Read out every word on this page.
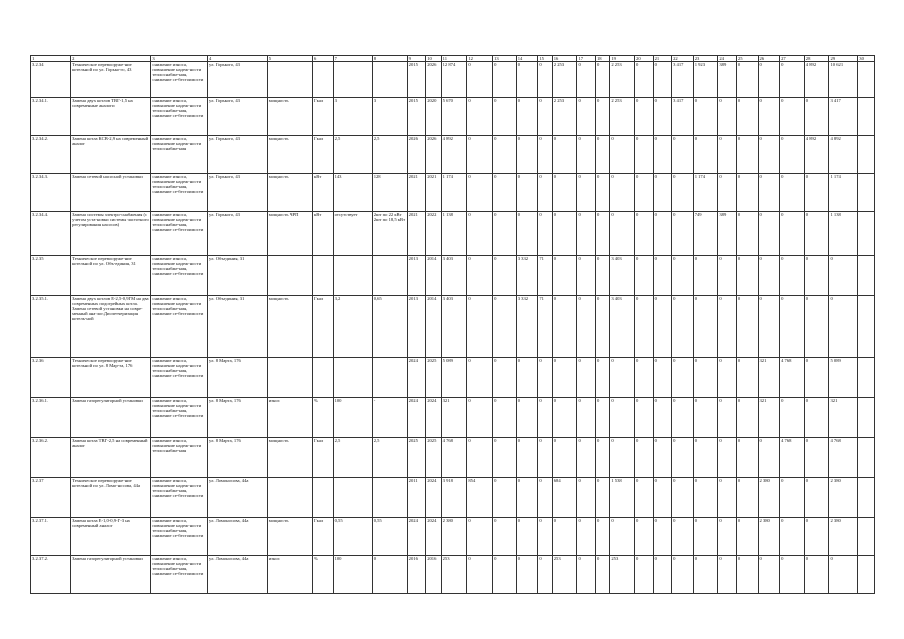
1	2	3	4	5	6	7	8	9	10	11	12	13	14	15	16	17	18	19	20	21	22	23	24	25	26	27	28	29	30
3.2.34	Техническое перевооруже-ние котельной по ул. Горько-го, 43	снижение износа, повышение надеж-ности теплоснабже-ния, снижение се-бестоимости	ул. Горького, 43					2015	2026	12 874	0	0	0	0	2 253	0	0	2 253	0	0	3 417	1 923	389	0	0	0	4 892	10 621	
3.2.34.1.	Замена двух котлов ТВГ-1,5 на современные аналоги	снижение износа, повышение надеж-ности теплоснабже-ния, снижение се-бестоимости	ул. Горького, 43	мощность	Гкал	3	3	2015	2020	5 670	0	0	0	0	2 253	0	0	2 253	0	0	3 417	0	0	0	0	0	0	3 417	
3.2.34.2.	Замена котла КСВ-2,9 на современный аналог	снижение износа, повышение надеж-ности теплоснабже-ния	ул. Горького, 43	мощность	Гкал	2,5	2,5	2026	2026	4 892	0	0	0	0	0	0	0	0	0	0	0	0	0	0	0	0	4 892	4 892	
3.2.34.3.	Замена сетевой насосной установки	снижение износа, повышение надеж-ности теплоснабже-ния, снижение се-бестоимости	ул. Горького, 43	мощность	кВт	143	128	2021	2021	1 174	0	0	0	0	0	0	0	0	0	0	0	1 174	0	0	0	0	0	1 174	
3.2.34.4.	Замена системы электро-снабжения (с учетом уста-новки системы частотного регулирования насосов)	снижение износа, повышение надеж-ности теплоснабже-ния, снижение се-бестоимости	ул. Горького, 43	мощность ЧРП	кВт	отсутствует	2шт по 22 кВт 2шт по 18,5 кВт	2021	2022	1 138	0	0	0	0	0	0	0	0	0	0	0	749	389	0	0	0	0	1 138	
3.2.35	Техническое перевооруже-ние котельной по ул. Объ-единия, 31	снижение износа, повышение надеж-ности теплоснабже-ния, снижение се-бестоимости	ул. Объединия, 31					2013	2014	3 403	0	0	3 332	71	0	0	0	3 403	0	0	0	0	0	0	0	0	0	0	
3.2.35.1.	Замена двух котлов Е-2,5-0,9ГМ на два современных подогрейных котла. Замена сетевой установки на совре-менный ана-лог.Диспетчеризация котель-ной	снижение износа, повышение надеж-ности теплоснабже-ния, снижение се-бестоимости	ул. Объединия, 31	мощность	Гкал	3,2	0,65	2013	2014	3 403	0	0	3 332	71	0	0	0	3 403	0	0	0	0	0	0	0	0	0	0	
3.2.36	Техническое перевооруже-ние котельной по ул. 8 Мар-та, 176	снижение износа, повышение надеж-ности теплоснабже-ния, снижение се-бестоимости	ул. 8 Марта, 176					2024	2025	5 089	0	0	0	0	0	0	0	0	0	0	0	0	0	0	321	4 768	0	5 089	
3.2.36.1.	Замена газорегуляторной установки	снижение износа, повышение надеж-ности теплоснабже-ния, снижение се-бестоимости	ул. 8 Марта, 176	износ	%	100	-	2024	2024	321	0	0	0	0	0	0	0	0	0	0	0	0	0	0	321	0	0	321	
3.2.36.2.	Замена котла ТВГ-2,5 на современный аналог	снижение износа, повышение надеж-ности теплоснабже-ния	ул. 8 Марта, 176	мощность	Гкал	2,5	2,5	2025	2025	4 768	0	0	0	0	0	0	0	0	0	0	0	0	0	0	0	4 768	0	4 768	
3.2.37	Техническое перевооруже-ние котельной по ул. Ломо-носова, 44а	снижение износа, повышение надеж-ности теплоснабже-ния, снижение се-бестоимости	ул. Ломоносова, 44а					2011	2024	3 918	854	0	0	0	684	0	0	1 538	0	0	0	0	0	0	2 380	0	0	2 380	
3.2.37.1.	Замена котла Е-1,0-0,9-Г-3 на современный аналог	снижение износа, повышение надеж-ности теплоснабже-ния, снижение се-бестоимости	ул. Ломоносова, 44а	мощность	Гкал	0,55	0,55	2024	2024	2 380	0	0	0	0	0	0	0	0	0	0	0	0	0	0	2 380	0	0	2 380	
3.2.37.2.	Замена газорегуляторной установки	снижение износа, повышение надеж-ности теплоснабже-ния, снижение се-бестоимости	ул. Ломоносова, 44а	износ	%	100	0	2016	2016	253	0	0	0	0	253	0	0	253	0	0	0	0	0	0	0	0	0	0	
